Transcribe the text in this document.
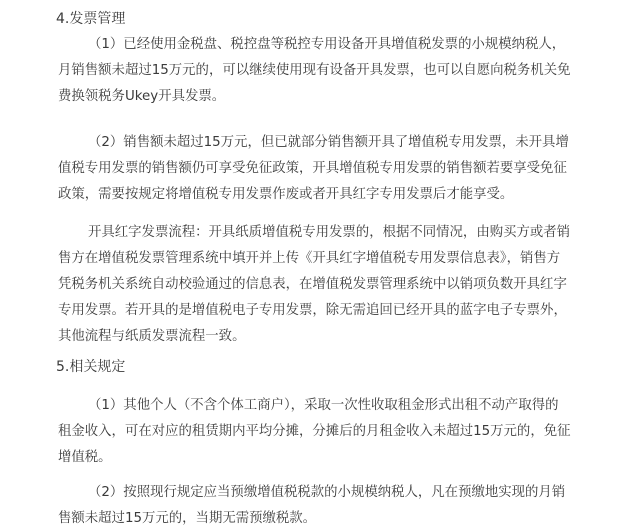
4.发票管理
（1）已经使用金税盘、税控盘等税控专用设备开具增值税发票的小规模纳税人，
月销售额未超过15万元的，可以继续使用现有设备开具发票，也可以自愿向税务机关免
费换领税务Ukey开具发票。
（2）销售额未超过15万元，但已就部分销售额开具了增值税专用发票，未开具增
值税专用发票的销售额仍可享受免征政策，开具增值税专用发票的销售额若要享受免征
政策，需要按规定将增值税专用发票作废或者开具红字专用发票后才能享受。
开具红字发票流程：开具纸质增值税专用发票的，根据不同情况，由购买方或者销
售方在增值税发票管理系统中填开并上传《开具红字增值税专用发票信息表》，销售方
凭税务机关系统自动校验通过的信息表，在增值税发票管理系统中以销项负数开具红字
专用发票。若开具的是增值税电子专用发票，除无需追回已经开具的蓝字电子专票外，
其他流程与纸质发票流程一致。
5.相关规定
（1）其他个人（不含个体工商户），采取一次性收取租金形式出租不动产取得的
租金收入，可在对应的租赁期内平均分摊，分摊后的月租金收入未超过15万元的，免征
增值税。
（2）按照现行规定应当预缴增值税税款的小规模纳税人，凡在预缴地实现的月销
售额未超过15万元的，当期无需预缴税款。
